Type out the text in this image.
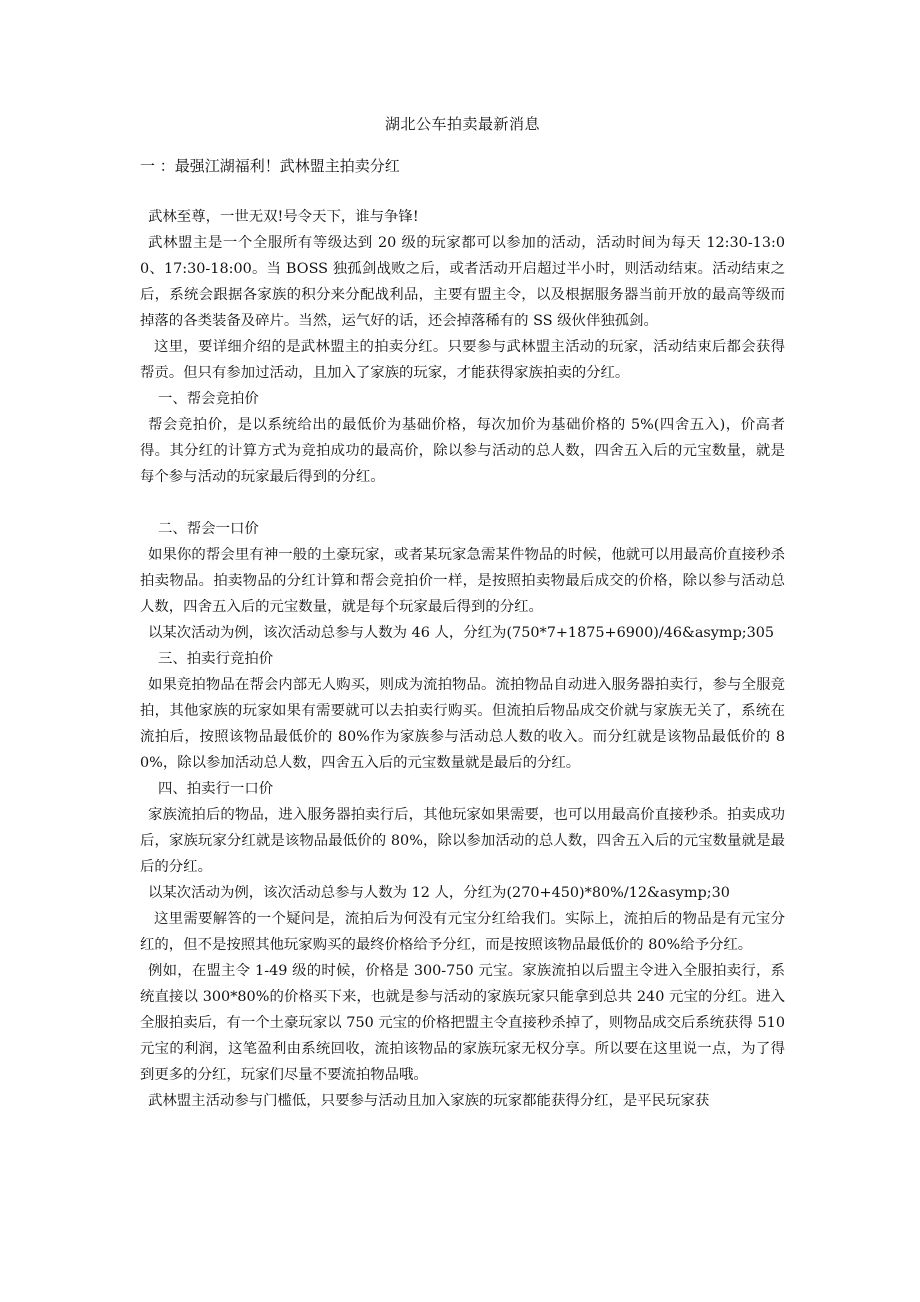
湖北公车拍卖最新消息
一 ：最强江湖福利！武林盟主拍卖分红

武林至尊，一世无双!号令天下，谁与争锋!

武林盟主是一个全服所有等级达到 20 级的玩家都可以参加的活动，活动时间为每天 12:30-13:00、17:30-18:00。当 BOSS 独孤剑战败之后，或者活动开启超过半小时，则活动结束。活动结束之后，系统会跟据各家族的积分来分配战利品，主要有盟主令，以及根据服务器当前开放的最高等级而掉落的各类装备及碎片。当然，运气好的话，还会掉落稀有的 SS 级伙伴独孤剑。

这里，要详细介绍的是武林盟主的拍卖分红。只要参与武林盟主活动的玩家，活动结束后都会获得帮贡。但只有参加过活动，且加入了家族的玩家，才能获得家族拍卖的分红。

一、帮会竞拍价

帮会竞拍价，是以系统给出的最低价为基础价格，每次加价为基础价格的 5%(四舍五入)，价高者得。其分红的计算方式为竞拍成功的最高价，除以参与活动的总人数，四舍五入后的元宝数量，就是每个参与活动的玩家最后得到的分红。

二、帮会一口价

如果你的帮会里有神一般的土豪玩家，或者某玩家急需某件物品的时候，他就可以用最高价直接秒杀拍卖物品。拍卖物品的分红计算和帮会竞拍价一样，是按照拍卖物最后成交的价格，除以参与活动总人数，四舍五入后的元宝数量，就是每个玩家最后得到的分红。

以某次活动为例，该次活动总参与人数为 46 人，分红为(750*7+1875+6900)/46&asymp;305

三、拍卖行竞拍价

如果竞拍物品在帮会内部无人购买，则成为流拍物品。流拍物品自动进入服务器拍卖行，参与全服竞拍，其他家族的玩家如果有需要就可以去拍卖行购买。但流拍后物品成交价就与家族无关了，系统在流拍后，按照该物品最低价的 80%作为家族参与活动总人数的收入。而分红就是该物品最低价的 80%，除以参加活动总人数，四舍五入后的元宝数量就是最后的分红。

四、拍卖行一口价

家族流拍后的物品，进入服务器拍卖行后，其他玩家如果需要，也可以用最高价直接秒杀。拍卖成功后，家族玩家分红就是该物品最低价的 80%，除以参加活动的总人数，四舍五入后的元宝数量就是最后的分红。

以某次活动为例，该次活动总参与人数为 12 人，分红为(270+450)*80%/12&asymp;30

这里需要解答的一个疑问是，流拍后为何没有元宝分红给我们。实际上，流拍后的物品是有元宝分红的，但不是按照其他玩家购买的最终价格给予分红，而是按照该物品最低价的 80%给予分红。

例如，在盟主令 1-49 级的时候，价格是 300-750 元宝。家族流拍以后盟主令进入全服拍卖行，系统直接以 300*80%的价格买下来，也就是参与活动的家族玩家只能拿到总共 240 元宝的分红。进入全服拍卖后，有一个土豪玩家以 750 元宝的价格把盟主令直接秒杀掉了，则物品成交后系统获得 510 元宝的利润，这笔盈利由系统回收，流拍该物品的家族玩家无权分享。所以要在这里说一点，为了得到更多的分红，玩家们尽量不要流拍物品哦。

武林盟主活动参与门槛低，只要参与活动且加入家族的玩家都能获得分红，是平民玩家获
